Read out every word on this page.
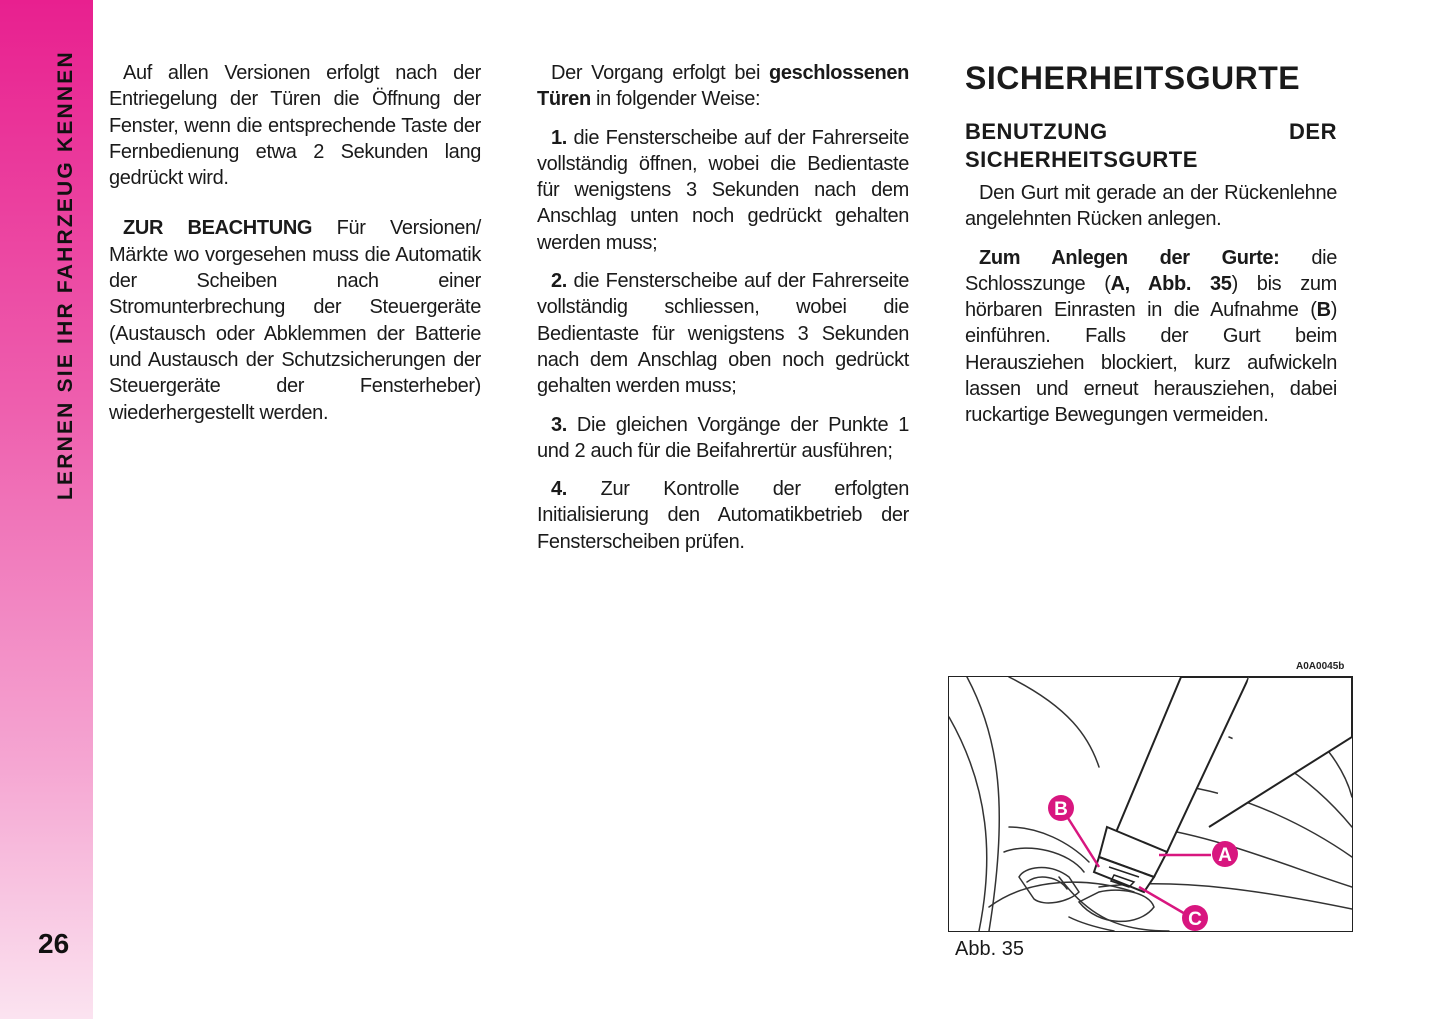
LERNEN SIE IHR FAHRZEUG KENNEN
26

Auf allen Versionen erfolgt nach der Entriegelung der Türen die Öffnung der Fenster, wenn die entsprechende Taste der Fernbedienung etwa 2 Sekunden lang gedrückt wird.

ZUR BEACHTUNG Für Versionen/ Märkte wo vorgesehen muss die Automatik der Scheiben nach einer Stromunterbrechung der Steuergeräte (Austausch oder Abklemmen der Batterie und Austausch der Schutzsicherungen der Steuergeräte der Fensterheber) wiederhergestellt werden.

Der Vorgang erfolgt bei geschlossenen Türen in folgender Weise:

1. die Fensterscheibe auf der Fahrerseite vollständig öffnen, wobei die Bedientaste für wenigstens 3 Sekunden nach dem Anschlag unten noch gedrückt gehalten werden muss;

2. die Fensterscheibe auf der Fahrerseite vollständig schliessen, wobei die Bedientaste für wenigstens 3 Sekunden nach dem Anschlag oben noch gedrückt gehalten werden muss;

3. Die gleichen Vorgänge der Punkte 1 und 2 auch für die Beifahrertür ausführen;

4. Zur Kontrolle der erfolgten Initialisierung den Automatikbetrieb der Fensterscheiben prüfen.

SICHERHEITSGURTE
BENUTZUNG DER SICHERHEITSGURTE

Den Gurt mit gerade an der Rückenlehne angelehnten Rücken anlegen.

Zum Anlegen der Gurte: die Schlosszunge (A, Abb. 35) bis zum hörbaren Einrasten in die Aufnahme (B) einführen. Falls der Gurt beim Herausziehen blockiert, kurz aufwickeln lassen und erneut herausziehen, dabei ruckartige Bewegungen vermeiden.

A0A0045b
B
A
C
Abb. 35
